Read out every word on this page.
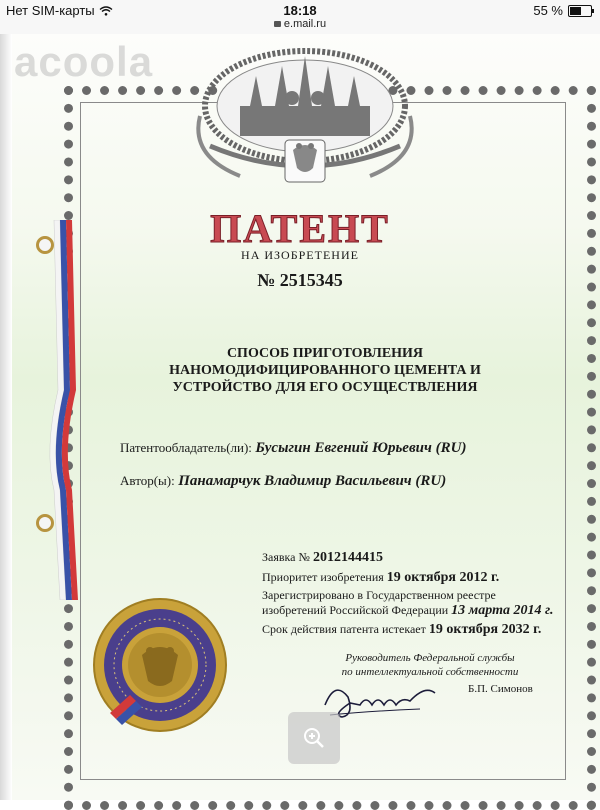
Нет SIM-карты	18:18	55 %
e.mail.ru
acoola
ПАТЕНТ
НА ИЗОБРЕТЕНИЕ
№ 2515345
СПОСОБ ПРИГОТОВЛЕНИЯ НАНОМОДИФИЦИРОВАННОГО ЦЕМЕНТА И УСТРОЙСТВО ДЛЯ ЕГО ОСУЩЕСТВЛЕНИЯ
Патентообладатель(ли): Бусыгин Евгений Юрьевич (RU)
Автор(ы): Панамарчук Владимир Васильевич (RU)
Заявка № 2012144415
Приоритет изобретения 19 октября 2012 г.
Зарегистрировано в Государственном реестре
изобретений Российской Федерации 13 марта 2014 г.
Срок действия патента истекает 19 октября 2032 г.
Руководитель Федеральной службы
по интеллектуальной собственности
Б.П. Симонов
